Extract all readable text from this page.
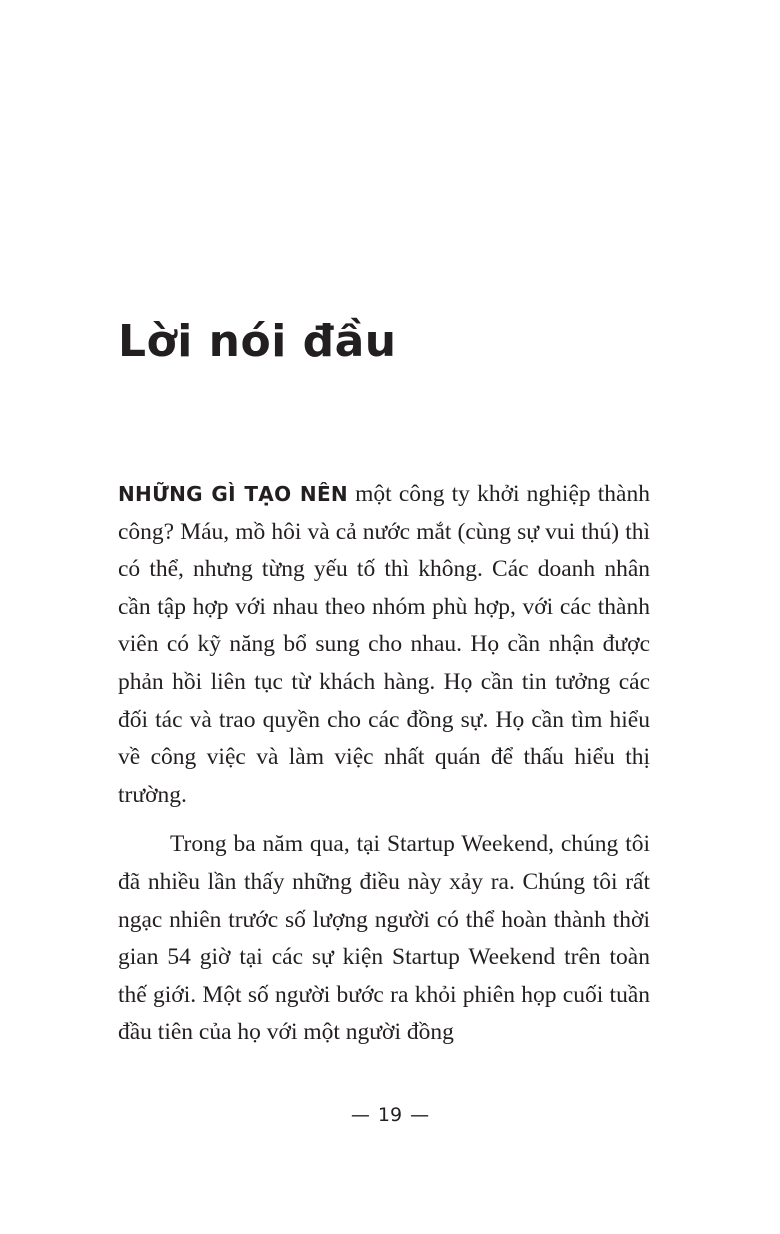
Lời nói đầu

NHỮNG GÌ TẠO NÊN một công ty khởi nghiệp thành công? Máu, mồ hôi và cả nước mắt (cùng sự vui thú) thì có thể, nhưng từng yếu tố thì không. Các doanh nhân cần tập hợp với nhau theo nhóm phù hợp, với các thành viên có kỹ năng bổ sung cho nhau. Họ cần nhận được phản hồi liên tục từ khách hàng. Họ cần tin tưởng các đối tác và trao quyền cho các đồng sự. Họ cần tìm hiểu về công việc và làm việc nhất quán để thấu hiểu thị trường.

Trong ba năm qua, tại Startup Weekend, chúng tôi đã nhiều lần thấy những điều này xảy ra. Chúng tôi rất ngạc nhiên trước số lượng người có thể hoàn thành thời gian 54 giờ tại các sự kiện Startup Weekend trên toàn thế giới. Một số người bước ra khỏi phiên họp cuối tuần đầu tiên của họ với một người đồng

— 19 —
